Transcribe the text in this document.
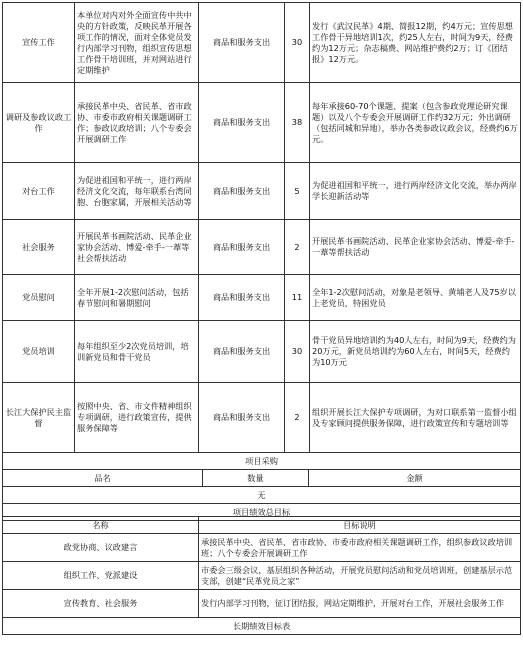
宣传工作	本单位对内对外全面宣传中共中央的方针政策，反映民革开展各项工作的情况，面对全体党员发行内部学习刊物，组织宣传思想工作骨干培训班，并对网站进行定期维护	商品和服务支出	30	发行《武汉民革》4期、简报12期，约4万元；宣传思想工作骨干异地培训1次，约25人左右，时间为9天，经费约为12万元；杂志稿费、网站维护费约2万；订《团结报》12万元。
调研及参政议政工作	承接民革中央、省民革、省市政协、市委市政府相关课题调研工作；参政议政培训；八个专委会开展调研工作	商品和服务支出	38	每年承接60-70个课题、提案（包含参政党理论研究课题）以及八个专委会开展调研工作约32万元；外出调研（包括同城和异地），举办各类参政议政会议，经费约6万元。
对台工作	为促进祖国和平统一，进行两岸经济文化交流，每年联系台湾同胞、台胞家属，开展相关活动等	商品和服务支出	5	为促进祖国和平统一，进行两岸经济文化交流，举办两岸学长迎新活动等
社会服务	开展民革书画院活动、民革企业家协会活动、博爱-牵手-一葦等社会帮扶活动	商品和服务支出	2	开展民革书画院活动、民革企业家协会活动、博爱-牵手-一葦等帮扶活动
党员慰问	全年开展1-2次慰问活动，包括春节慰问和暑期慰问	商品和服务支出	11	全年1-2次慰问活动，对象是老领导、黄埔老人及75岁以上老党员，特困党员
党员培训	每年组织至少2次党员培训，培训新党员和骨干党员	商品和服务支出	30	骨干党员异地培训约为40人左右，时间为9天，经费约为20万元，新党员培训约为60人左右，时间5天，经费约为10万元
长江大保护民主监督	按照中央、省、市文件精神组织专项调研，进行政策宣传，提供服务保障等	商品和服务支出	2	组织开展长江大保护专项调研，为对口联系第一监督小组及专家顾问提供服务保障，进行政策宣传和专题培训等
项目采购
品名	数量	金额
无
项目绩效总目标
名称	目标说明
政党协商、议政建言	承接民革中央、省民革、省市政协、市委市政府相关课题调研工作，组织参政议政培训班；八个专委会开展调研工作
组织工作、党派建设	市委会三级会议，基层组织各种活动，开展党员慰问活动和党员培训班，创建基层示范支部，创建“民革党员之家”
宣传教育、社会服务	发行内部学习刊物，征订团结报，网站定期维护，开展对台工作，开展社会服务工作
长期绩效目标表	
